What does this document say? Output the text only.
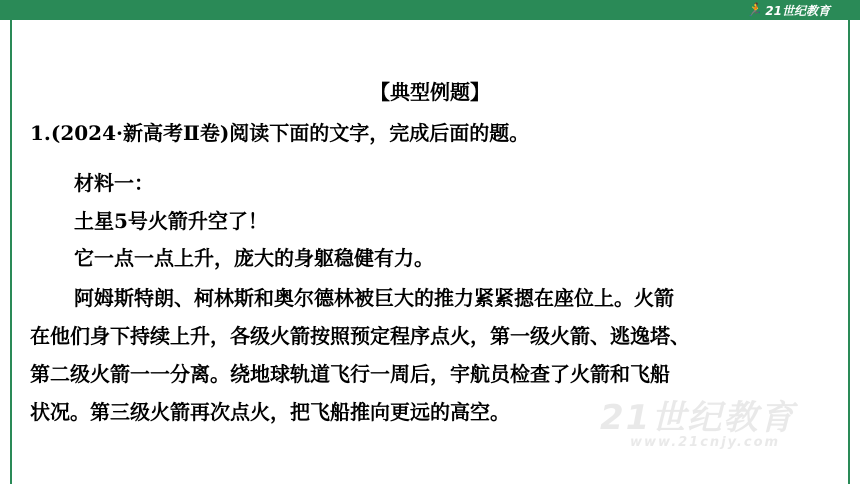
🏃 21世纪教育
21世纪教育
www.21cnjy.com
【典型例题】
1.(2024·新高考Ⅱ卷)阅读下面的文字，完成后面的题。
材料一：
土星5号火箭升空了！
它一点一点上升，庞大的身躯稳健有力。
阿姆斯特朗、柯林斯和奥尔德林被巨大的推力紧紧摁在座位上。火箭
在他们身下持续上升，各级火箭按照预定程序点火，第一级火箭、逃逸塔、
第二级火箭一一分离。绕地球轨道飞行一周后，宇航员检查了火箭和飞船
状况。第三级火箭再次点火，把飞船推向更远的高空。
